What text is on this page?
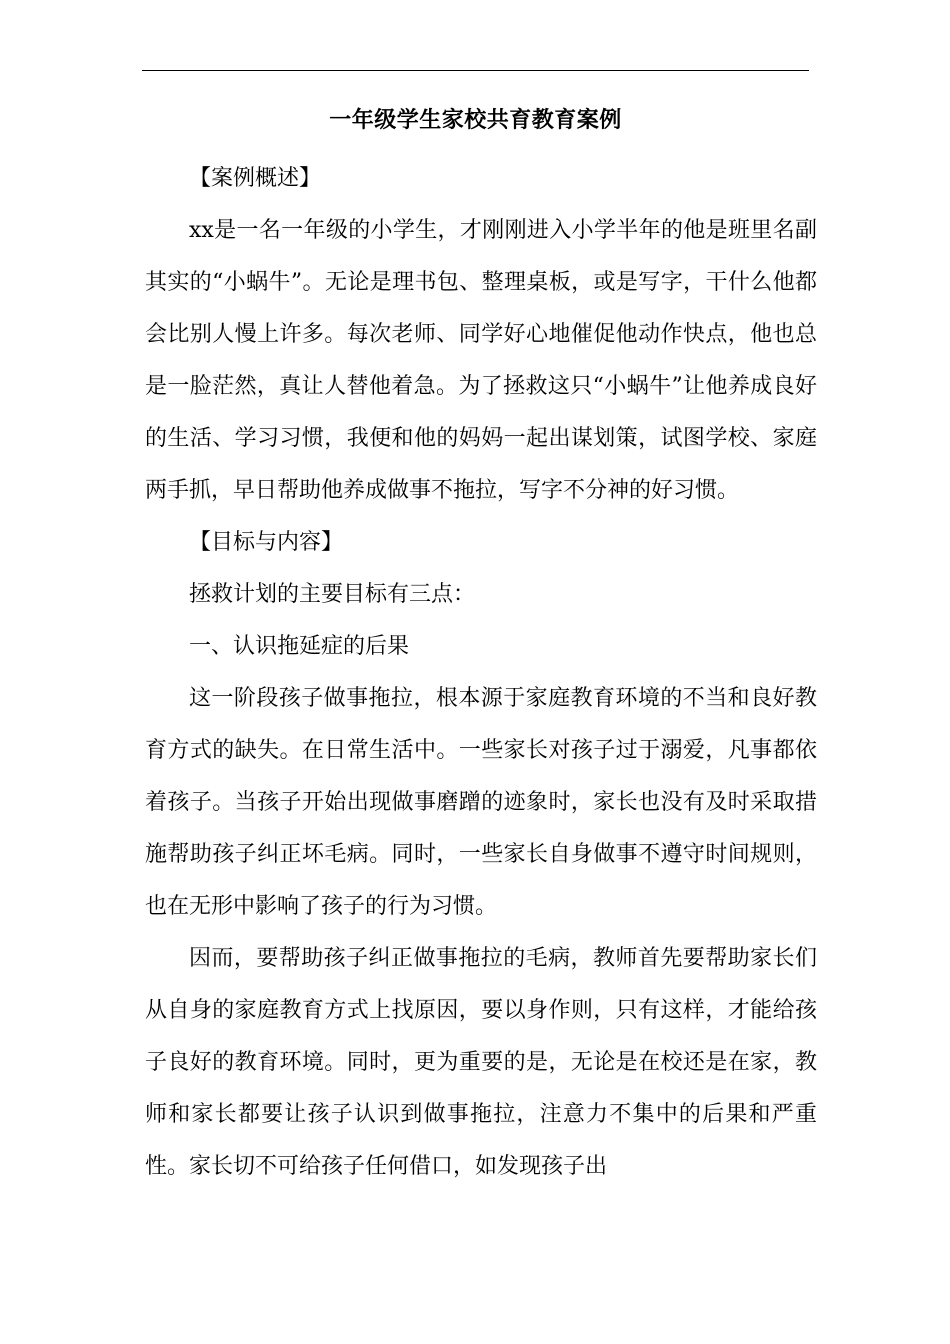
一年级学生家校共育教育案例

【案例概述】

xx是一名一年级的小学生，才刚刚进入小学半年的他是班里名副其实的“小蜗牛”。无论是理书包、整理桌板，或是写字，干什么他都会比别人慢上许多。每次老师、同学好心地催促他动作快点，他也总是一脸茫然，真让人替他着急。为了拯救这只“小蜗牛”让他养成良好的生活、学习习惯，我便和他的妈妈一起出谋划策，试图学校、家庭两手抓，早日帮助他养成做事不拖拉，写字不分神的好习惯。

【目标与内容】

拯救计划的主要目标有三点：

一、认识拖延症的后果

这一阶段孩子做事拖拉，根本源于家庭教育环境的不当和良好教育方式的缺失。在日常生活中。一些家长对孩子过于溺爱，凡事都依着孩子。当孩子开始出现做事磨蹭的迹象时，家长也没有及时采取措施帮助孩子纠正坏毛病。同时，一些家长自身做事不遵守时间规则，也在无形中影响了孩子的行为习惯。

因而，要帮助孩子纠正做事拖拉的毛病，教师首先要帮助家长们从自身的家庭教育方式上找原因，要以身作则，只有这样，才能给孩子良好的教育环境。同时，更为重要的是，无论是在校还是在家，教师和家长都要让孩子认识到做事拖拉，注意力不集中的后果和严重性。家长切不可给孩子任何借口，如发现孩子出
